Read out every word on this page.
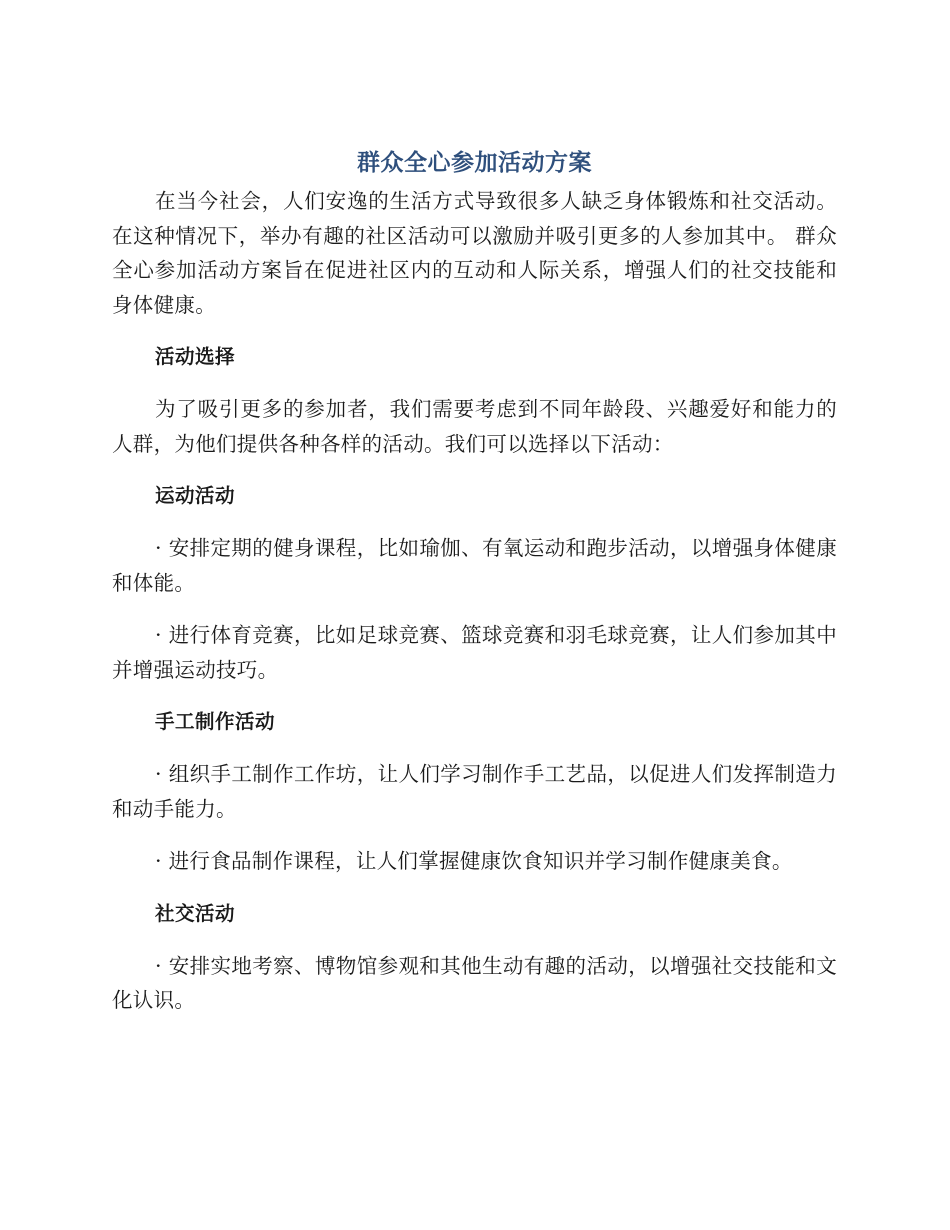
群众全心参加活动方案

在当今社会，人们安逸的生活方式导致很多人缺乏身体锻炼和社交活动。在这种情况下，举办有趣的社区活动可以激励并吸引更多的人参加其中。 群众全心参加活动方案旨在促进社区内的互动和人际关系，增强人们的社交技能和身体健康。

活动选择

为了吸引更多的参加者，我们需要考虑到不同年龄段、兴趣爱好和能力的人群，为他们提供各种各样的活动。我们可以选择以下活动：

运动活动

· 安排定期的健身课程，比如瑜伽、有氧运动和跑步活动，以增强身体健康和体能。

· 进行体育竞赛，比如足球竞赛、篮球竞赛和羽毛球竞赛，让人们参加其中并增强运动技巧。

手工制作活动

· 组织手工制作工作坊，让人们学习制作手工艺品，以促进人们发挥制造力和动手能力。

· 进行食品制作课程，让人们掌握健康饮食知识并学习制作健康美食。

社交活动

· 安排实地考察、博物馆参观和其他生动有趣的活动，以增强社交技能和文化认识。
